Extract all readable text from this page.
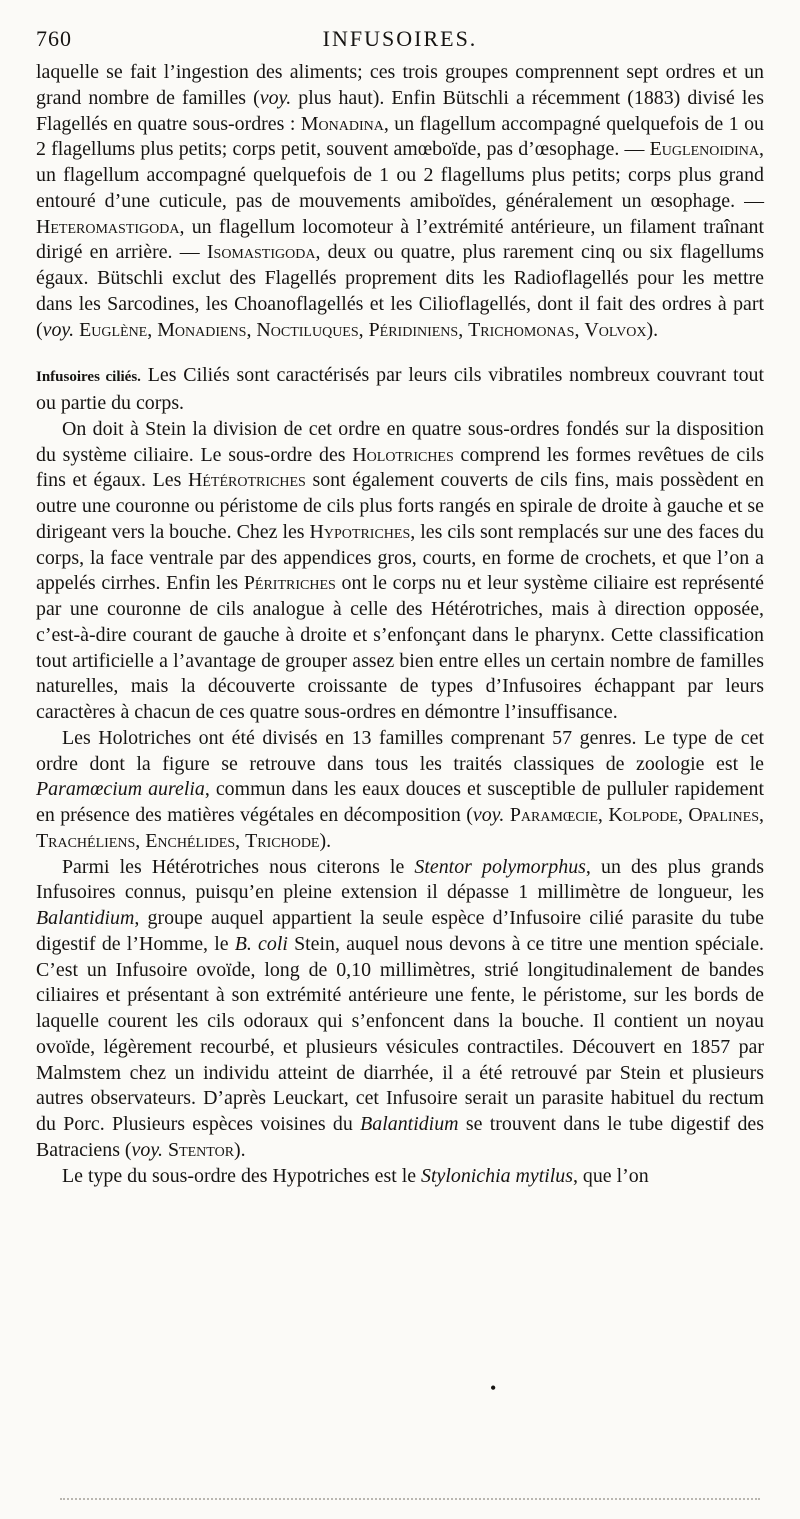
760	INFUSOIRES.

laquelle se fait l’ingestion des aliments; ces trois groupes comprennent sept ordres et un grand nombre de familles (voy. plus haut). Enfin Bütschli a récemment (1883) divisé les Flagellés en quatre sous-ordres : Monadina, un flagellum accompagné quelquefois de 1 ou 2 flagellums plus petits; corps petit, souvent amœboïde, pas d’œsophage. — Euglenoidina, un flagellum accompagné quelquefois de 1 ou 2 flagellums plus petits; corps plus grand entouré d’une cuticule, pas de mouvements amiboïdes, généralement un œsophage. — Heteromastigoda, un flagellum locomoteur à l’extrémité antérieure, un filament traînant dirigé en arrière. — Isomastigoda, deux ou quatre, plus rarement cinq ou six flagellums égaux. Bütschli exclut des Flagellés proprement dits les Radioflagellés pour les mettre dans les Sarcodines, les Choanoflagellés et les Cilioflagellés, dont il fait des ordres à part (voy. Euglène, Monadiens, Noctiluques, Péridiniens, Trichomonas, Volvox).

Infusoires ciliés. Les Ciliés sont caractérisés par leurs cils vibratiles nombreux couvrant tout ou partie du corps.

On doit à Stein la division de cet ordre en quatre sous-ordres fondés sur la disposition du système ciliaire. Le sous-ordre des Holotriches comprend les formes revêtues de cils fins et égaux. Les Hétérotriches sont également couverts de cils fins, mais possèdent en outre une couronne ou péristome de cils plus forts rangés en spirale de droite à gauche et se dirigeant vers la bouche. Chez les Hypotriches, les cils sont remplacés sur une des faces du corps, la face ventrale par des appendices gros, courts, en forme de crochets, et que l’on a appelés cirrhes. Enfin les Péritriches ont le corps nu et leur système ciliaire est représenté par une couronne de cils analogue à celle des Hétérotriches, mais à direction opposée, c’est-à-dire courant de gauche à droite et s’enfonçant dans le pharynx. Cette classification tout artificielle a l’avantage de grouper assez bien entre elles un certain nombre de familles naturelles, mais la découverte croissante de types d’Infusoires échappant par leurs caractères à chacun de ces quatre sous-ordres en démontre l’insuffisance.

Les Holotriches ont été divisés en 13 familles comprenant 57 genres. Le type de cet ordre dont la figure se retrouve dans tous les traités classiques de zoologie est le Paramœcium aurelia, commun dans les eaux douces et susceptible de pulluler rapidement en présence des matières végétales en décomposition (voy. Paramœcie, Kolpode, Opalines, Trachéliens, Enchélides, Trichode).

Parmi les Hétérotriches nous citerons le Stentor polymorphus, un des plus grands Infusoires connus, puisqu’en pleine extension il dépasse 1 millimètre de longueur, les Balantidium, groupe auquel appartient la seule espèce d’Infusoire cilié parasite du tube digestif de l’Homme, le B. coli Stein, auquel nous devons à ce titre une mention spéciale. C’est un Infusoire ovoïde, long de 0,10 millimètres, strié longitudinalement de bandes ciliaires et présentant à son extrémité antérieure une fente, le péristome, sur les bords de laquelle courent les cils odoraux qui s’enfoncent dans la bouche. Il contient un noyau ovoïde, légèrement recourbé, et plusieurs vésicules contractiles. Découvert en 1857 par Malmstem chez un individu atteint de diarrhée, il a été retrouvé par Stein et plusieurs autres observateurs. D’après Leuckart, cet Infusoire serait un parasite habituel du rectum du Porc. Plusieurs espèces voisines du Balantidium se trouvent dans le tube digestif des Batraciens (voy. Stentor).

Le type du sous-ordre des Hypotriches est le Stylonichia mytilus, que l’on

•
